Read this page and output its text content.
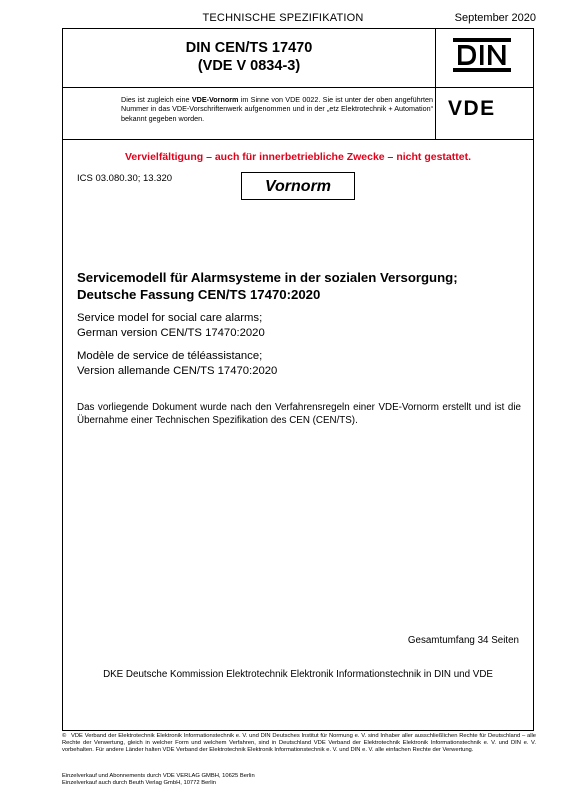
TECHNISCHE SPEZIFIKATION	September 2020
DIN CEN/TS 17470
(VDE V 0834-3)
Dies ist zugleich eine VDE-Vornorm im Sinne von VDE 0022. Sie ist unter der oben angeführten Nummer in das VDE-Vorschriftenwerk aufgenommen und in der „etz Elektrotechnik + Automation“ bekannt gegeben worden.	VDE
Vervielfältigung – auch für innerbetriebliche Zwecke – nicht gestattet.
ICS 03.080.30; 13.320	Vornorm
Servicemodell für Alarmsysteme in der sozialen Versorgung;
Deutsche Fassung CEN/TS 17470:2020
Service model for social care alarms;
German version CEN/TS 17470:2020
Modèle de service de téléassistance;
Version allemande CEN/TS 17470:2020
Das vorliegende Dokument wurde nach den Verfahrensregeln einer VDE-Vornorm erstellt und ist die Übernahme einer Technischen Spezifikation des CEN (CEN/TS).
Gesamtumfang 34 Seiten
DKE Deutsche Kommission Elektrotechnik Elektronik Informationstechnik in DIN und VDE
© VDE Verband der Elektrotechnik Elektronik Informationstechnik e. V. und DIN Deutsches Institut für Normung e. V. sind Inhaber aller ausschließlichen Rechte für Deutschland – alle Rechte der Verwertung, gleich in welcher Form und welchem Verfahren, sind in Deutschland VDE Verband der Elektrotechnik Elektronik Informationstechnik e. V. und DIN e. V. vorbehalten. Für andere Länder halten VDE Verband der Elektrotechnik Elektronik Informationstechnik e. V. und DIN e. V. alle einfachen Rechte der Verwertung.
Einzelverkauf und Abonnements durch VDE VERLAG GMBH, 10625 Berlin
Einzelverkauf auch durch Beuth Verlag GmbH, 10772 Berlin
